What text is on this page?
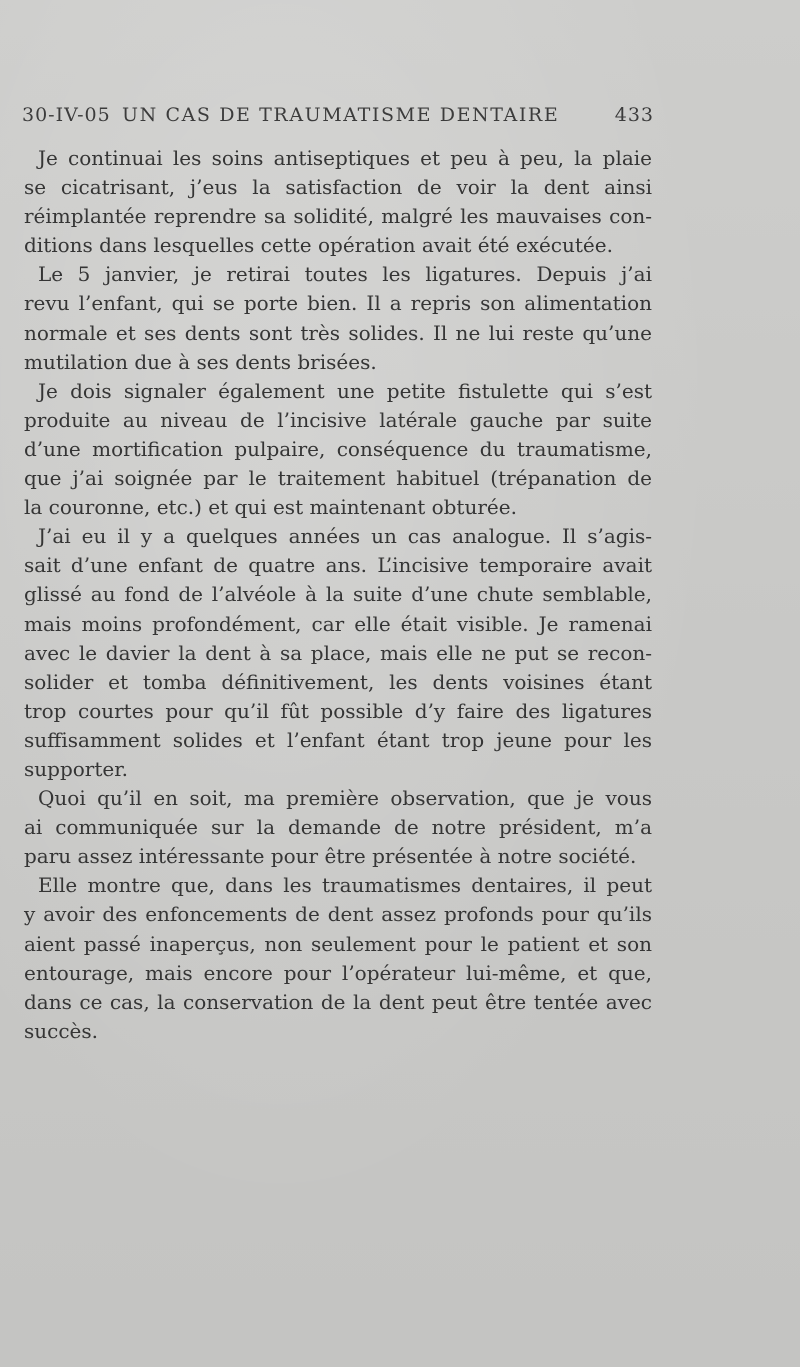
30-IV-05 UN CAS DE TRAUMATISME DENTAIRE	433
Je continuai les soins antiseptiques et peu à peu, la plaie
se cicatrisant, j’eus la satisfaction de voir la dent ainsi
réimplantée reprendre sa solidité, malgré les mauvaises con-
ditions dans lesquelles cette opération avait été exécutée.
Le 5 janvier, je retirai toutes les ligatures. Depuis j’ai
revu l’enfant, qui se porte bien. Il a repris son alimentation
normale et ses dents sont très solides. Il ne lui reste qu’une
mutilation due à ses dents brisées.
Je dois signaler également une petite fistulette qui s’est
produite au niveau de l’incisive latérale gauche par suite
d’une mortification pulpaire, conséquence du traumatisme,
que j’ai soignée par le traitement habituel (trépanation de
la couronne, etc.) et qui est maintenant obturée.
J’ai eu il y a quelques années un cas analogue. Il s’agis-
sait d’une enfant de quatre ans. L’incisive temporaire avait
glissé au fond de l’alvéole à la suite d’une chute semblable,
mais moins profondément, car elle était visible. Je ramenai
avec le davier la dent à sa place, mais elle ne put se recon-
solider et tomba définitivement, les dents voisines étant
trop courtes pour qu’il fût possible d’y faire des ligatures
suffisamment solides et l’enfant étant trop jeune pour les
supporter.
Quoi qu’il en soit, ma première observation, que je vous
ai communiquée sur la demande de notre président, m’a
paru assez intéressante pour être présentée à notre société.
Elle montre que, dans les traumatismes dentaires, il peut
y avoir des enfoncements de dent assez profonds pour qu’ils
aient passé inaperçus, non seulement pour le patient et son
entourage, mais encore pour l’opérateur lui-même, et que,
dans ce cas, la conservation de la dent peut être tentée avec
succès.
